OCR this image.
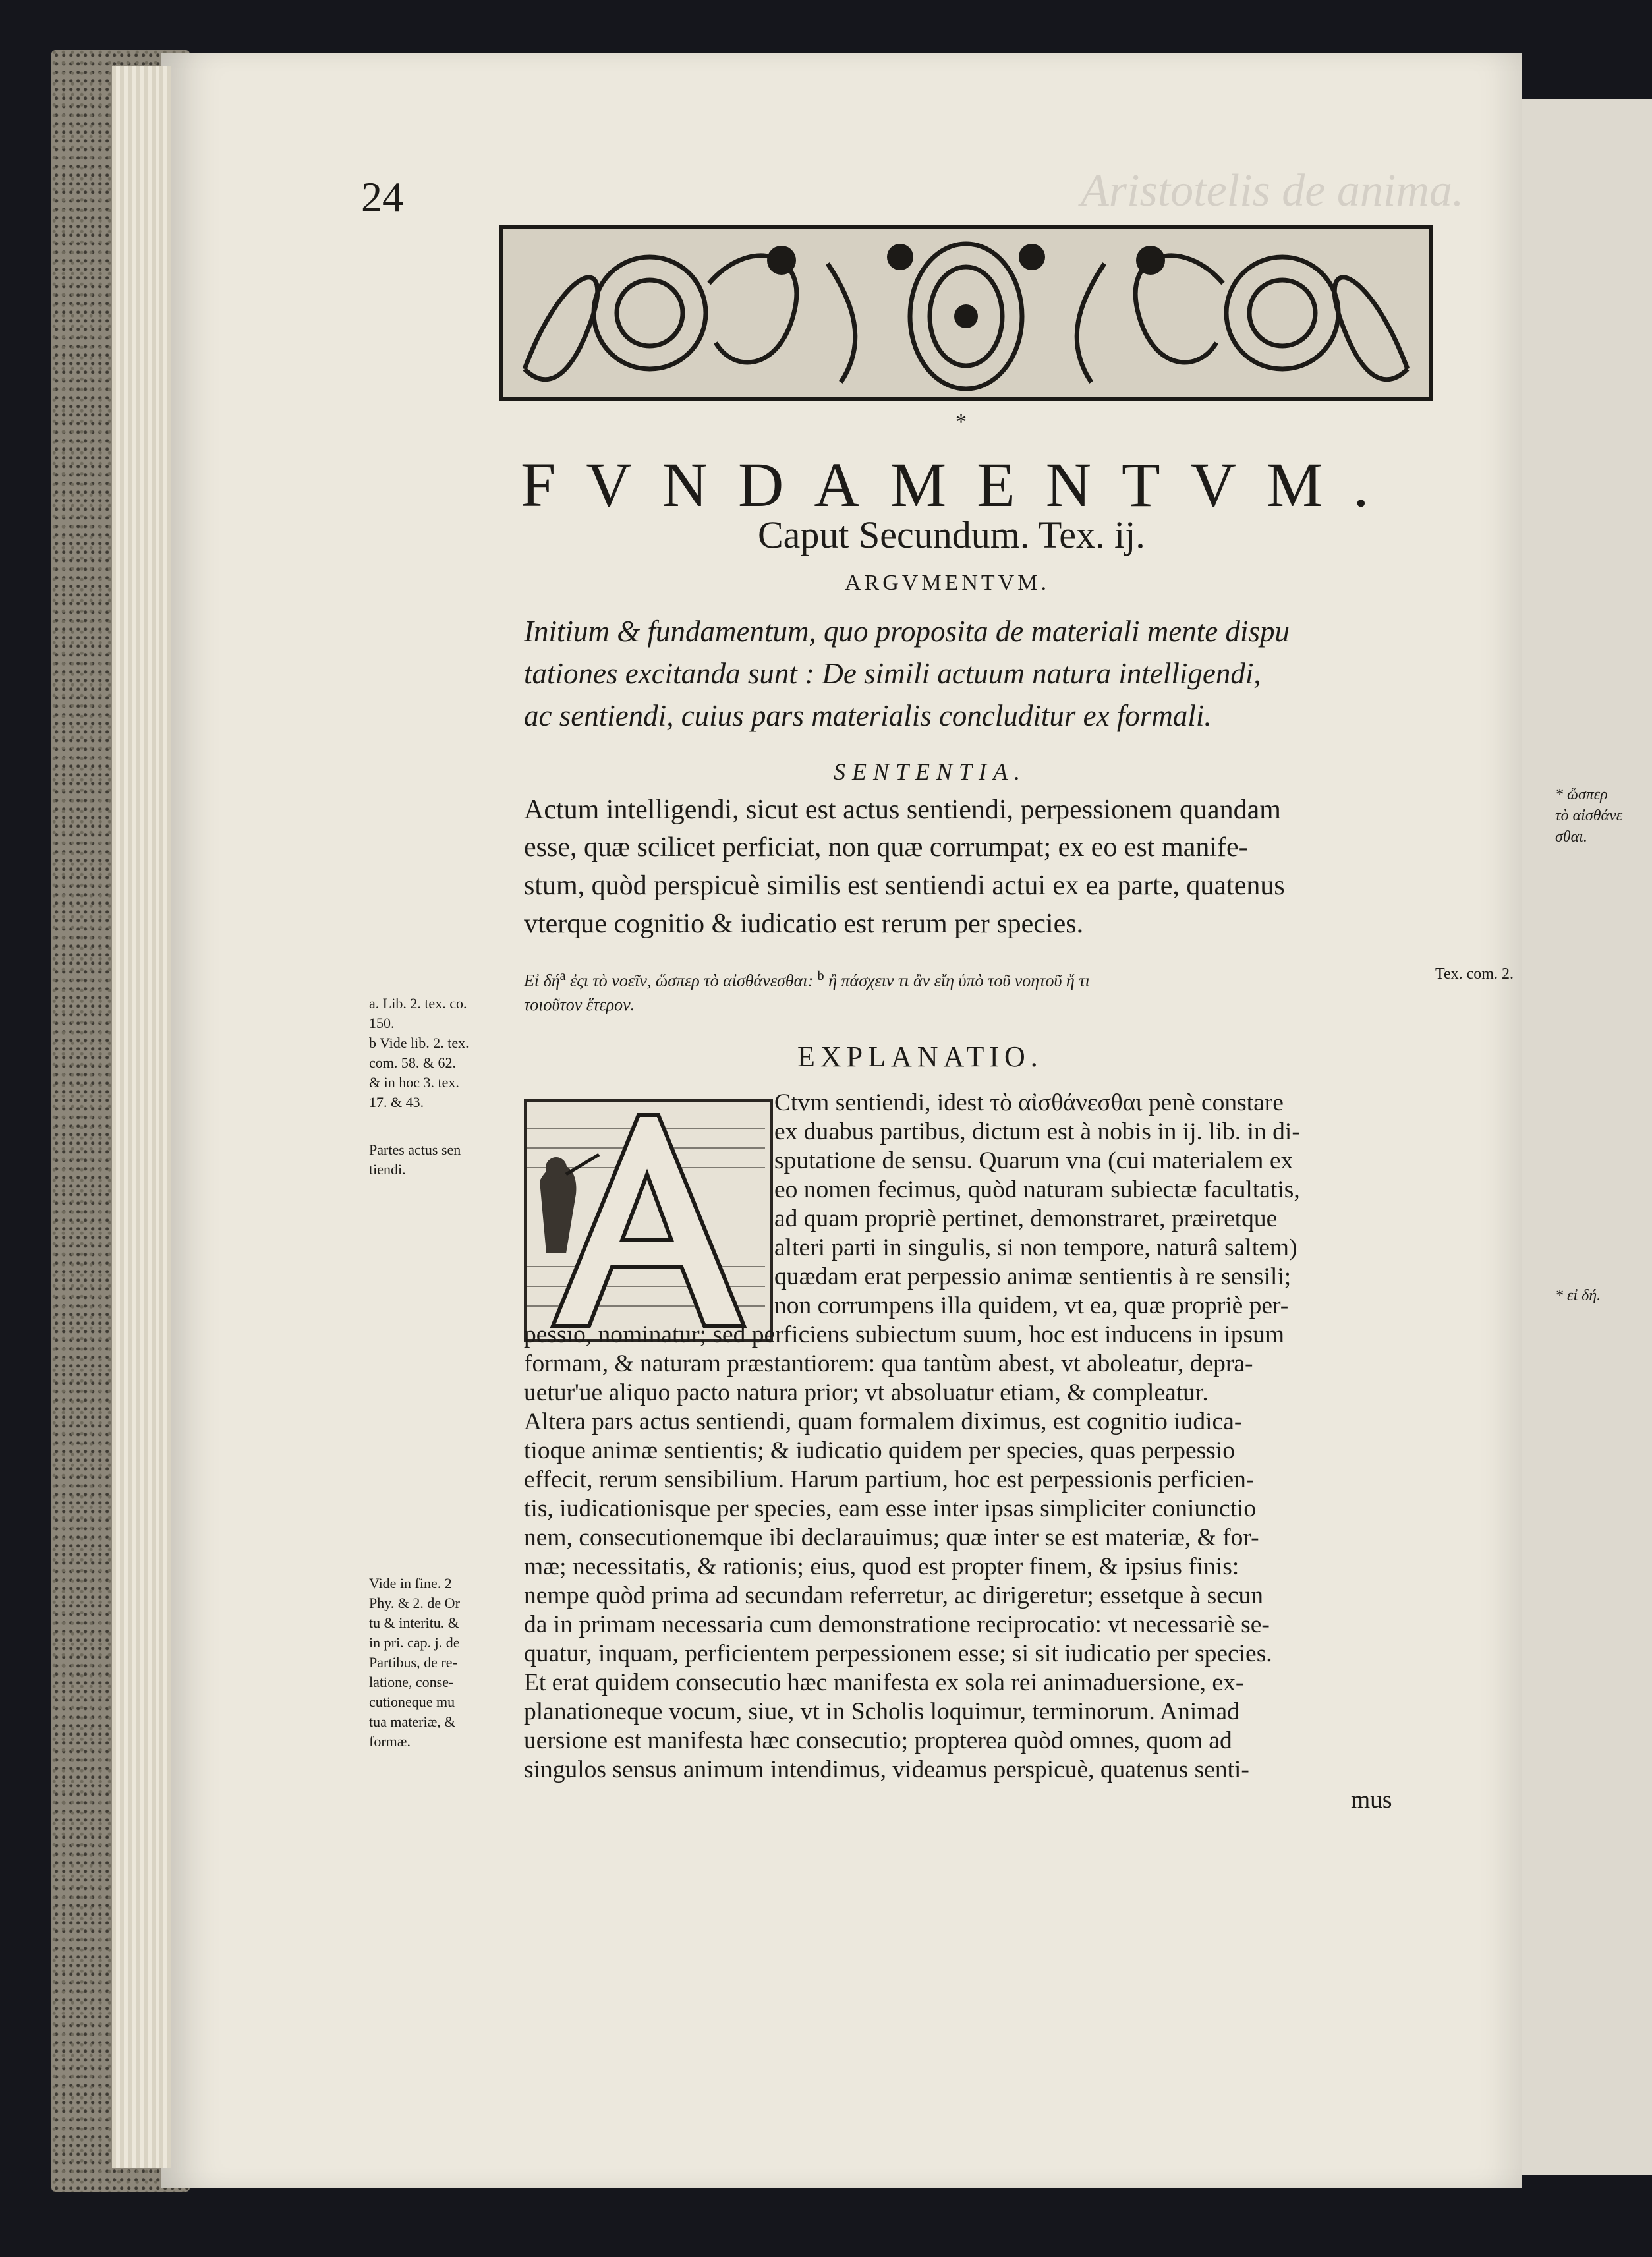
Aristotelis de anima.
24
*
FVNDAMENTVM.
Caput Secundum. Tex. ij.
ARGVMENTVM.
Initium & fundamentum, quo proposita de materiali mente dispu
tationes excitanda sunt : De simili actuum natura intelligendi,
ac sentiendi, cuius pars materialis concluditur ex formali.
SENTENTIA.
Actum intelligendi, sicut est actus sentiendi, perpessionem quandam
esse, quæ scilicet perficiat, non quæ corrumpat; ex eo est manife-
stum, quòd perspicuè similis est sentiendi actui ex ea parte, quatenus
vterque cognitio & iudicatio est rerum per species.
Εἰ $\delta ή^a$ ἐςι τὸ νοεῖν, ὥσπερ τὸ αἰσθάνεσθαι: $^b$ ἢ πάσχειν τι ἂν εἴη ὑπὸ τοῦ νοητοῦ ἤ τι
τοιοῦτον ἕτερον.
Tex. com. 2.
EXPLANATIO.
Ctvm sentiendi, idest τὸ αἰσθάνεσθαι penè constare
ex duabus partibus, dictum est à nobis in ij. lib. in di-
sputatione de sensu. Quarum vna (cui materialem ex
eo nomen fecimus, quòd naturam subiectæ facultatis,
ad quam propriè pertinet, demonstraret, præiretque
alteri parti in singulis, si non tempore, naturâ saltem)
quædam erat perpessio animæ sentientis à re sensili;
non corrumpens illa quidem, vt ea, quæ propriè per-
pessio, nominatur; sed perficiens subiectum suum, hoc est inducens in ipsum
formam, & naturam præstantiorem: qua tantùm abest, vt aboleatur, depra-
uetur'ue aliquo pacto natura prior; vt absoluatur etiam, & compleatur.
Altera pars actus sentiendi, quam formalem diximus, est cognitio iudica-
tioque animæ sentientis; & iudicatio quidem per species, quas perpessio
effecit, rerum sensibilium. Harum partium, hoc est perpessionis perficien-
tis, iudicationisque per species, eam esse inter ipsas simpliciter coniunctio
nem, consecutionemque ibi declarauimus; quæ inter se est materiæ, & for-
mæ; necessitatis, & rationis; eius, quod est propter finem, & ipsius finis:
nempe quòd prima ad secundam referretur, ac dirigeretur; essetque à secun
da in primam necessaria cum demonstratione reciprocatio: vt necessariè se-
quatur, inquam, perficientem perpessionem esse; si sit iudicatio per species.
Et erat quidem consecutio hæc manifesta ex sola rei animaduersione, ex-
planationeque vocum, siue, vt in Scholis loquimur, terminorum. Animad
uersione est manifesta hæc consecutio; propterea quòd omnes, quom ad
singulos sensus animum intendimus, videamus perspicuè, quatenus senti-
mus
a. Lib. 2. tex. co.
150.
b Vide lib. 2. tex.
com. 58. & 62.
& in hoc 3. tex.
17. & 43.
Partes actus sen
tiendi.
Vide in fine. 2
Phy. & 2. de Or
tu & interitu. &
in pri. cap. j. de
Partibus, de re-
latione, conse-
cutioneque mu
tua materiæ, &
formæ.
* ὥσπερ
τὸ αἰσθάνε
σθαι.
* εἰ δή.
